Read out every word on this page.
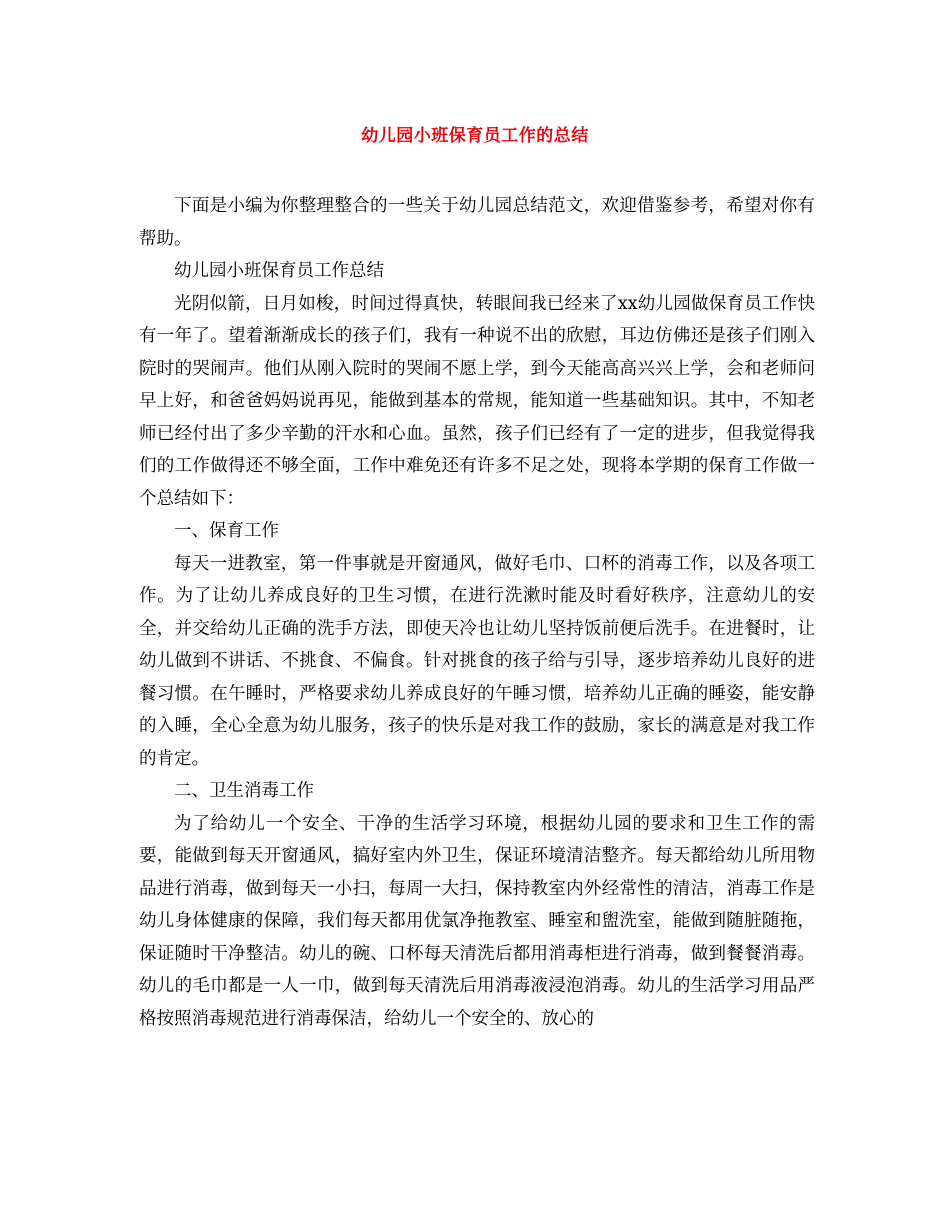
幼儿园小班保育员工作的总结

下面是小编为你整理整合的一些关于幼儿园总结范文，欢迎借鉴参考，希望对你有帮助。

幼儿园小班保育员工作总结

光阴似箭，日月如梭，时间过得真快，转眼间我已经来了xx幼儿园做保育员工作快有一年了。望着渐渐成长的孩子们，我有一种说不出的欣慰，耳边仿佛还是孩子们刚入院时的哭闹声。他们从刚入院时的哭闹不愿上学，到今天能高高兴兴上学，会和老师问早上好，和爸爸妈妈说再见，能做到基本的常规，能知道一些基础知识。其中，不知老师已经付出了多少辛勤的汗水和心血。虽然，孩子们已经有了一定的进步，但我觉得我们的工作做得还不够全面，工作中难免还有许多不足之处，现将本学期的保育工作做一个总结如下：

一、保育工作

每天一进教室，第一件事就是开窗通风，做好毛巾、口杯的消毒工作，以及各项工作。为了让幼儿养成良好的卫生习惯，在进行洗漱时能及时看好秩序，注意幼儿的安全，并交给幼儿正确的洗手方法，即使天冷也让幼儿坚持饭前便后洗手。在进餐时，让幼儿做到不讲话、不挑食、不偏食。针对挑食的孩子给与引导，逐步培养幼儿良好的进餐习惯。在午睡时，严格要求幼儿养成良好的午睡习惯，培养幼儿正确的睡姿，能安静的入睡，全心全意为幼儿服务，孩子的快乐是对我工作的鼓励，家长的满意是对我工作的肯定。

二、卫生消毒工作

为了给幼儿一个安全、干净的生活学习环境，根据幼儿园的要求和卫生工作的需要，能做到每天开窗通风，搞好室内外卫生，保证环境清洁整齐。每天都给幼儿所用物品进行消毒，做到每天一小扫，每周一大扫，保持教室内外经常性的清洁，消毒工作是幼儿身体健康的保障，我们每天都用优氯净拖教室、睡室和盥洗室，能做到随脏随拖，保证随时干净整洁。幼儿的碗、口杯每天清洗后都用消毒柜进行消毒，做到餐餐消毒。幼儿的毛巾都是一人一巾，做到每天清洗后用消毒液浸泡消毒。幼儿的生活学习用品严格按照消毒规范进行消毒保洁，给幼儿一个安全的、放心的
